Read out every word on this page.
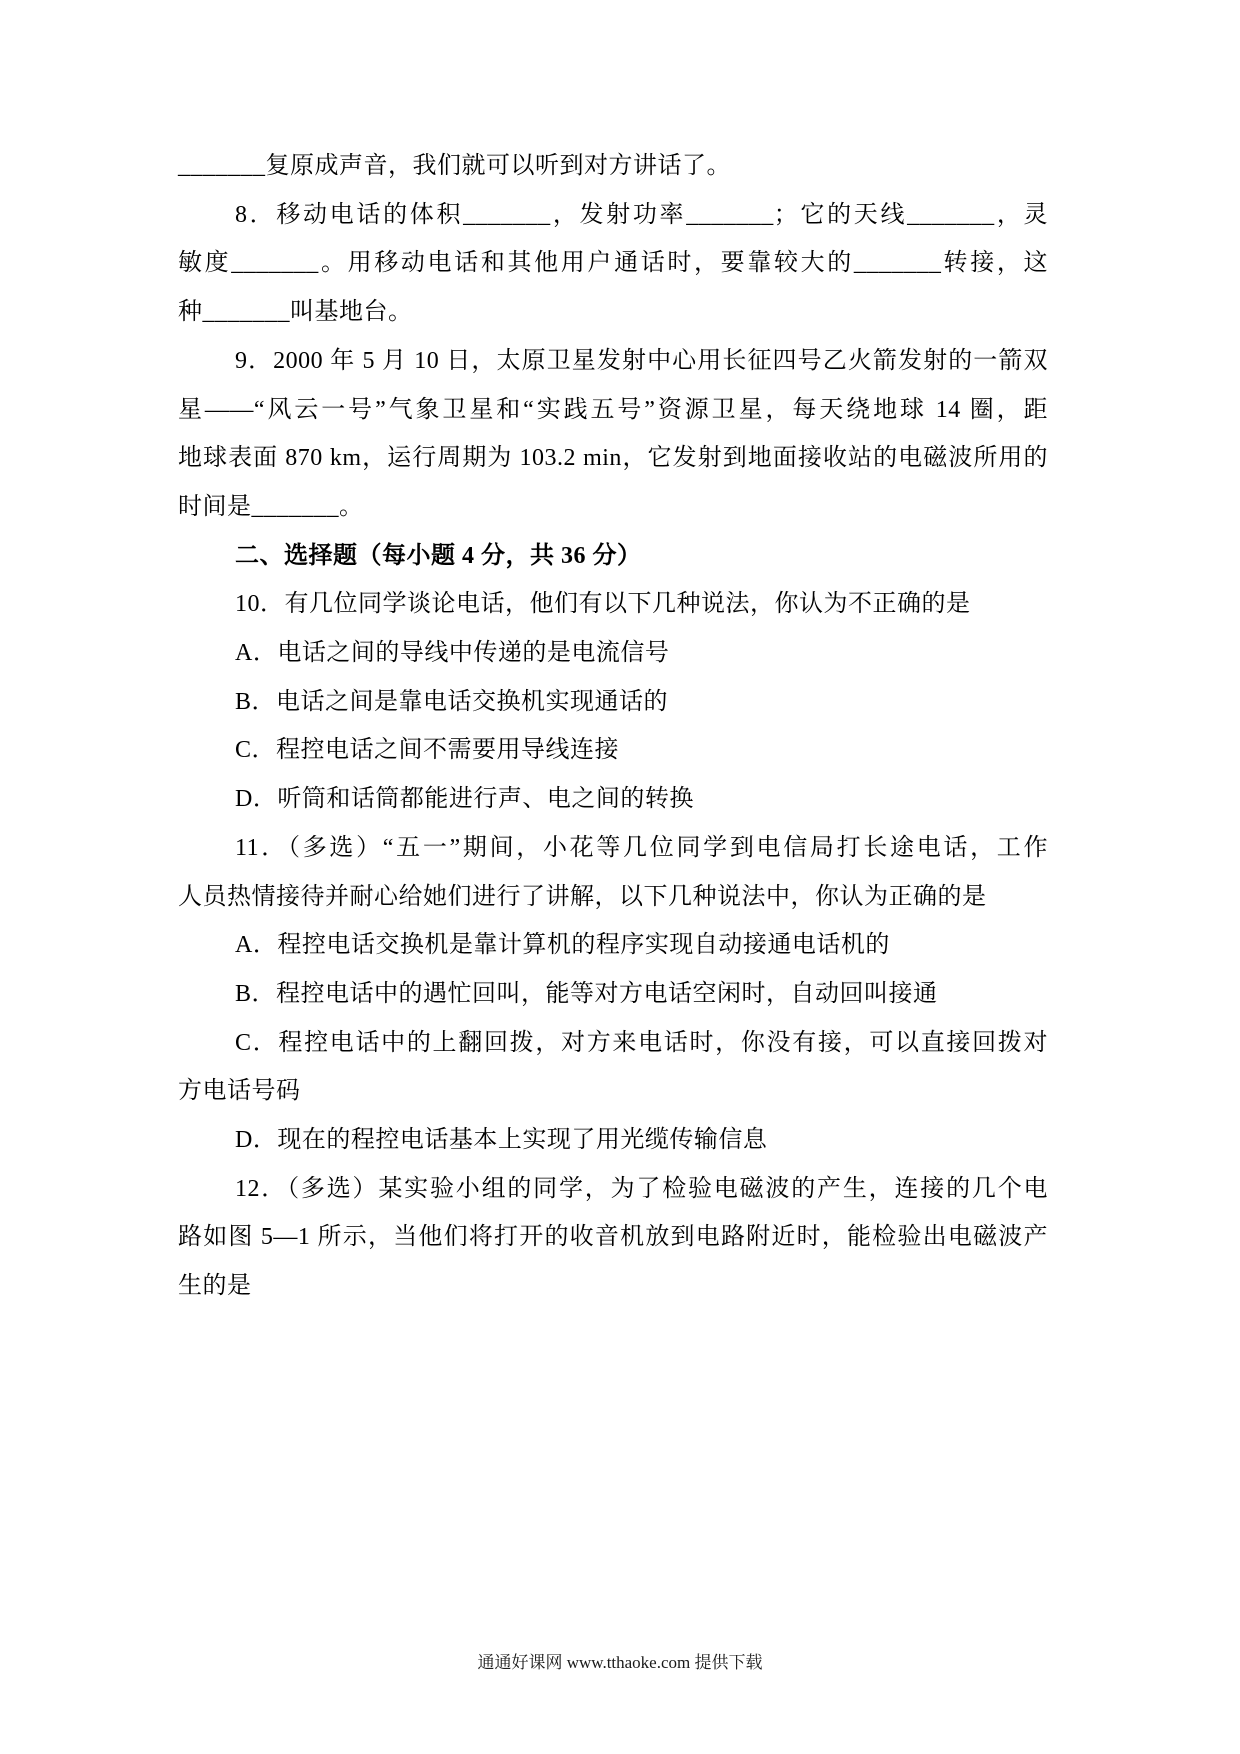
_______复原成声音，我们就可以听到对方讲话了。
8．移动电话的体积_______，发射功率_______；它的天线_______，灵
敏度_______。用移动电话和其他用户通话时，要靠较大的_______转接，这
种_______叫基地台。
9．2000 年 5 月 10 日，太原卫星发射中心用长征四号乙火箭发射的一箭双
星——“风云一号”气象卫星和“实践五号”资源卫星，每天绕地球 14 圈，距
地球表面 870 km，运行周期为 103.2 min，它发射到地面接收站的电磁波所用的
时间是_______。
二、选择题（每小题 4 分，共 36 分）
10．有几位同学谈论电话，他们有以下几种说法，你认为不正确的是
A．电话之间的导线中传递的是电流信号
B．电话之间是靠电话交换机实现通话的
C．程控电话之间不需要用导线连接
D．听筒和话筒都能进行声、电之间的转换
11．（多选）“五一”期间，小花等几位同学到电信局打长途电话，工作
人员热情接待并耐心给她们进行了讲解，以下几种说法中，你认为正确的是
A．程控电话交换机是靠计算机的程序实现自动接通电话机的
B．程控电话中的遇忙回叫，能等对方电话空闲时，自动回叫接通
C．程控电话中的上翻回拨，对方来电话时，你没有接，可以直接回拨对
方电话号码
D．现在的程控电话基本上实现了用光缆传输信息
12．（多选）某实验小组的同学，为了检验电磁波的产生，连接的几个电
路如图 5—1 所示，当他们将打开的收音机放到电路附近时，能检验出电磁波产
生的是
通通好课网 www.tthaoke.com 提供下载
